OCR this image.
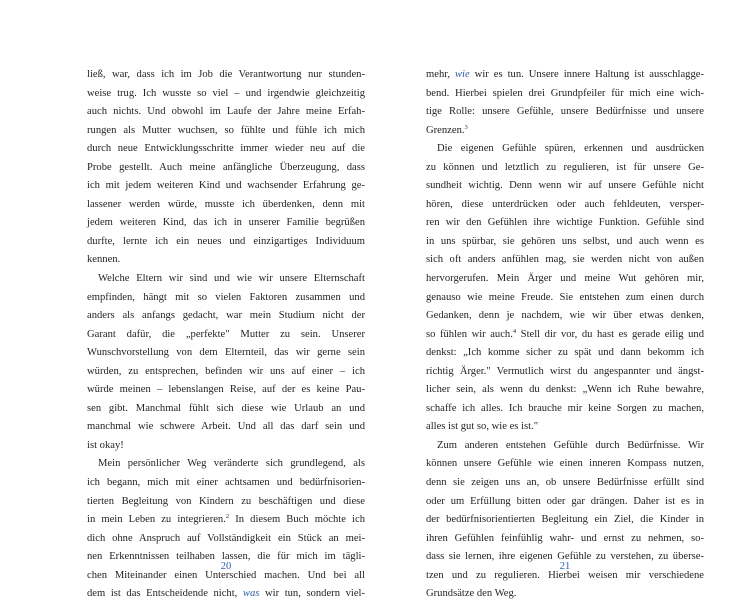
ließ, war, dass ich im Job die Verantwortung nur stunden-
weise trug. Ich wusste so viel – und irgendwie gleichzeitig
auch nichts. Und obwohl im Laufe der Jahre meine Erfah-
rungen als Mutter wuchsen, so fühlte und fühle ich mich
durch neue Entwicklungsschritte immer wieder neu auf die
Probe gestellt. Auch meine anfängliche Überzeugung, dass
ich mit jedem weiteren Kind und wachsender Erfahrung ge-
lassener werden würde, musste ich überdenken, denn mit
jedem weiteren Kind, das ich in unserer Familie begrüßen
durfte, lernte ich ein neues und einzigartiges Individuum
kennen.
Welche Eltern wir sind und wie wir unsere Elternschaft
empfinden, hängt mit so vielen Faktoren zusammen und
anders als anfangs gedacht, war mein Studium nicht der
Garant dafür, die „perfekte" Mutter zu sein. Unserer
Wunschvorstellung von dem Elternteil, das wir gerne sein
würden, zu entsprechen, befinden wir uns auf einer – ich
würde meinen – lebenslangen Reise, auf der es keine Pau-
sen gibt. Manchmal fühlt sich diese wie Urlaub an und
manchmal wie schwere Arbeit. Und all das darf sein und
ist okay!
Mein persönlicher Weg veränderte sich grundlegend, als
ich begann, mich mit einer achtsamen und bedürfnisorien-
tierten Begleitung von Kindern zu beschäftigen und diese
in mein Leben zu integrieren.$^2$ In diesem Buch möchte ich
dich ohne Anspruch auf Vollständigkeit ein Stück an mei-
nen Erkenntnissen teilhaben lassen, die für mich im tägli-
chen Miteinander einen Unterschied machen. Und bei all
dem ist das Entscheidende nicht, was wir tun, sondern viel-
mehr, wie wir es tun. Unsere innere Haltung ist ausschlagge-
bend. Hierbei spielen drei Grundpfeiler für mich eine wich-
tige Rolle: unsere Gefühle, unsere Bedürfnisse und unsere
Grenzen.$^3$
Die eigenen Gefühle spüren, erkennen und ausdrücken
zu können und letztlich zu regulieren, ist für unsere Ge-
sundheit wichtig. Denn wenn wir auf unsere Gefühle nicht
hören, diese unterdrücken oder auch fehldeuten, versper-
ren wir den Gefühlen ihre wichtige Funktion. Gefühle sind
in uns spürbar, sie gehören uns selbst, und auch wenn es
sich oft anders anfühlen mag, sie werden nicht von außen
hervorgerufen. Mein Ärger und meine Wut gehören mir,
genauso wie meine Freude. Sie entstehen zum einen durch
Gedanken, denn je nachdem, wie wir über etwas denken,
so fühlen wir auch.$^4$ Stell dir vor, du hast es gerade eilig und
denkst: „Ich komme sicher zu spät und dann bekomm ich
richtig Ärger." Vermutlich wirst du angespannter und ängst-
licher sein, als wenn du denkst: „Wenn ich Ruhe bewahre,
schaffe ich alles. Ich brauche mir keine Sorgen zu machen,
alles ist gut so, wie es ist."
Zum anderen entstehen Gefühle durch Bedürfnisse. Wir
können unsere Gefühle wie einen inneren Kompass nutzen,
denn sie zeigen uns an, ob unsere Bedürfnisse erfüllt sind
oder um Erfüllung bitten oder gar drängen. Daher ist es in
der bedürfnisorientierten Begleitung ein Ziel, die Kinder in
ihren Gefühlen feinfühlig wahr- und ernst zu nehmen, so-
dass sie lernen, ihre eigenen Gefühle zu verstehen, zu überse-
tzen und zu regulieren. Hierbei weisen mir verschiedene
Grundsätze den Weg.
20	21
